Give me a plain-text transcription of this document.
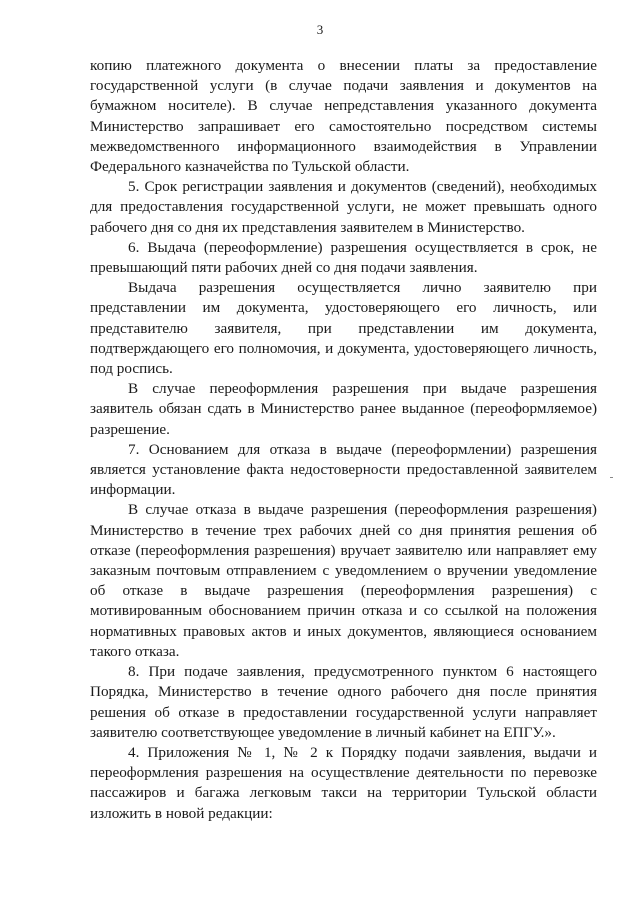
3

копию платежного документа о внесении платы за предоставление государственной услуги (в случае подачи заявления и документов на бумажном носителе). В случае непредставления указанного документа Министерство запрашивает его самостоятельно посредством системы межведомственного информационного взаимодействия в Управлении Федерального казначейства по Тульской области.

5. Срок регистрации заявления и документов (сведений), необходимых для предоставления государственной услуги, не может превышать одного рабочего дня со дня их представления заявителем в Министерство.

6. Выдача (переоформление) разрешения осуществляется в срок, не превышающий пяти рабочих дней со дня подачи заявления.

Выдача разрешения осуществляется лично заявителю при представлении им документа, удостоверяющего его личность, или представителю заявителя, при представлении им документа, подтверждающего его полномочия, и документа, удостоверяющего личность, под роспись.

В случае переоформления разрешения при выдаче разрешения заявитель обязан сдать в Министерство ранее выданное (переоформляемое) разрешение.

7. Основанием для отказа в выдаче (переоформлении) разрешения является установление факта недостоверности предоставленной заявителем информации.

В случае отказа в выдаче разрешения (переоформления разрешения) Министерство в течение трех рабочих дней со дня принятия решения об отказе (переоформления разрешения) вручает заявителю или направляет ему заказным почтовым отправлением с уведомлением о вручении уведомление об отказе в выдаче разрешения (переоформления разрешения) с мотивированным обоснованием причин отказа и со ссылкой на положения нормативных правовых актов и иных документов, являющиеся основанием такого отказа.

8. При подаче заявления, предусмотренного пунктом 6 настоящего Порядка, Министерство в течение одного рабочего дня после принятия решения об отказе в предоставлении государственной услуги направляет заявителю соответствующее уведомление в личный кабинет на ЕПГУ.».

4. Приложения № 1, № 2 к Порядку подачи заявления, выдачи и переоформления разрешения на осуществление деятельности по перевозке пассажиров и багажа легковым такси на территории Тульской области изложить в новой редакции:
